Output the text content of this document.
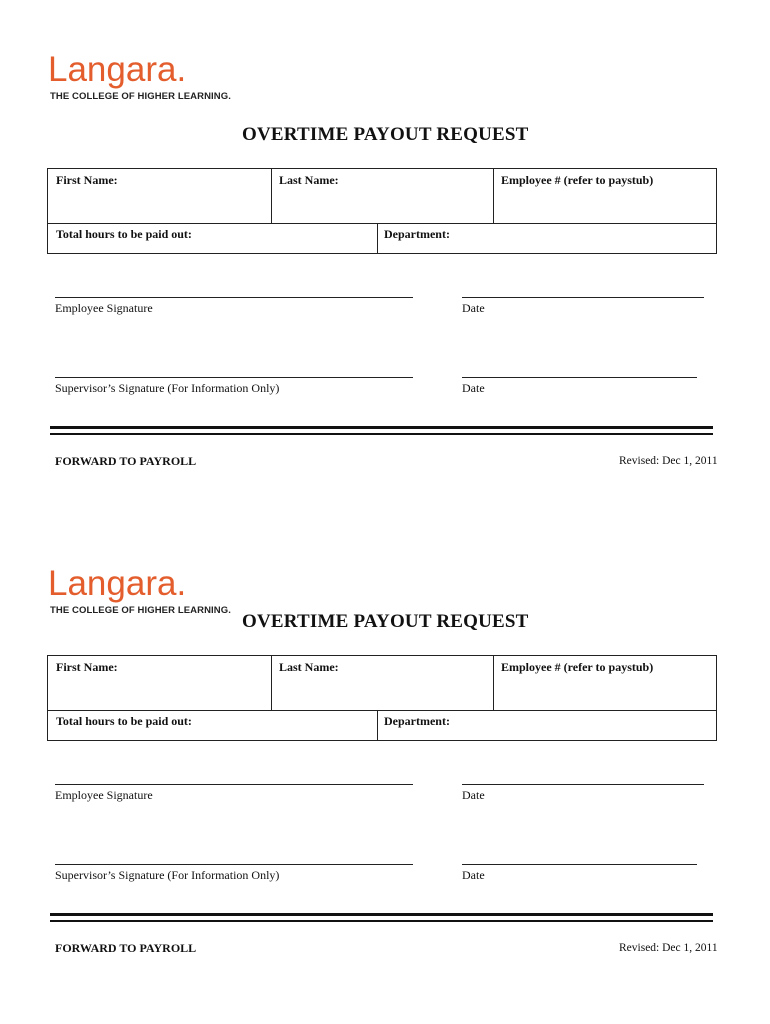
Langara.
THE COLLEGE OF HIGHER LEARNING.
OVERTIME PAYOUT REQUEST
First Name:	Last Name:	Employee # (refer to paystub)
Total hours to be paid out:	Department:
Employee Signature	Date
Supervisor’s Signature (For Information Only)	Date
FORWARD TO PAYROLL	Revised: Dec 1, 2011
Langara.
THE COLLEGE OF HIGHER LEARNING.
OVERTIME PAYOUT REQUEST
First Name:	Last Name:	Employee # (refer to paystub)
Total hours to be paid out:	Department:
Employee Signature	Date
Supervisor’s Signature (For Information Only)	Date
FORWARD TO PAYROLL	Revised: Dec 1, 2011
